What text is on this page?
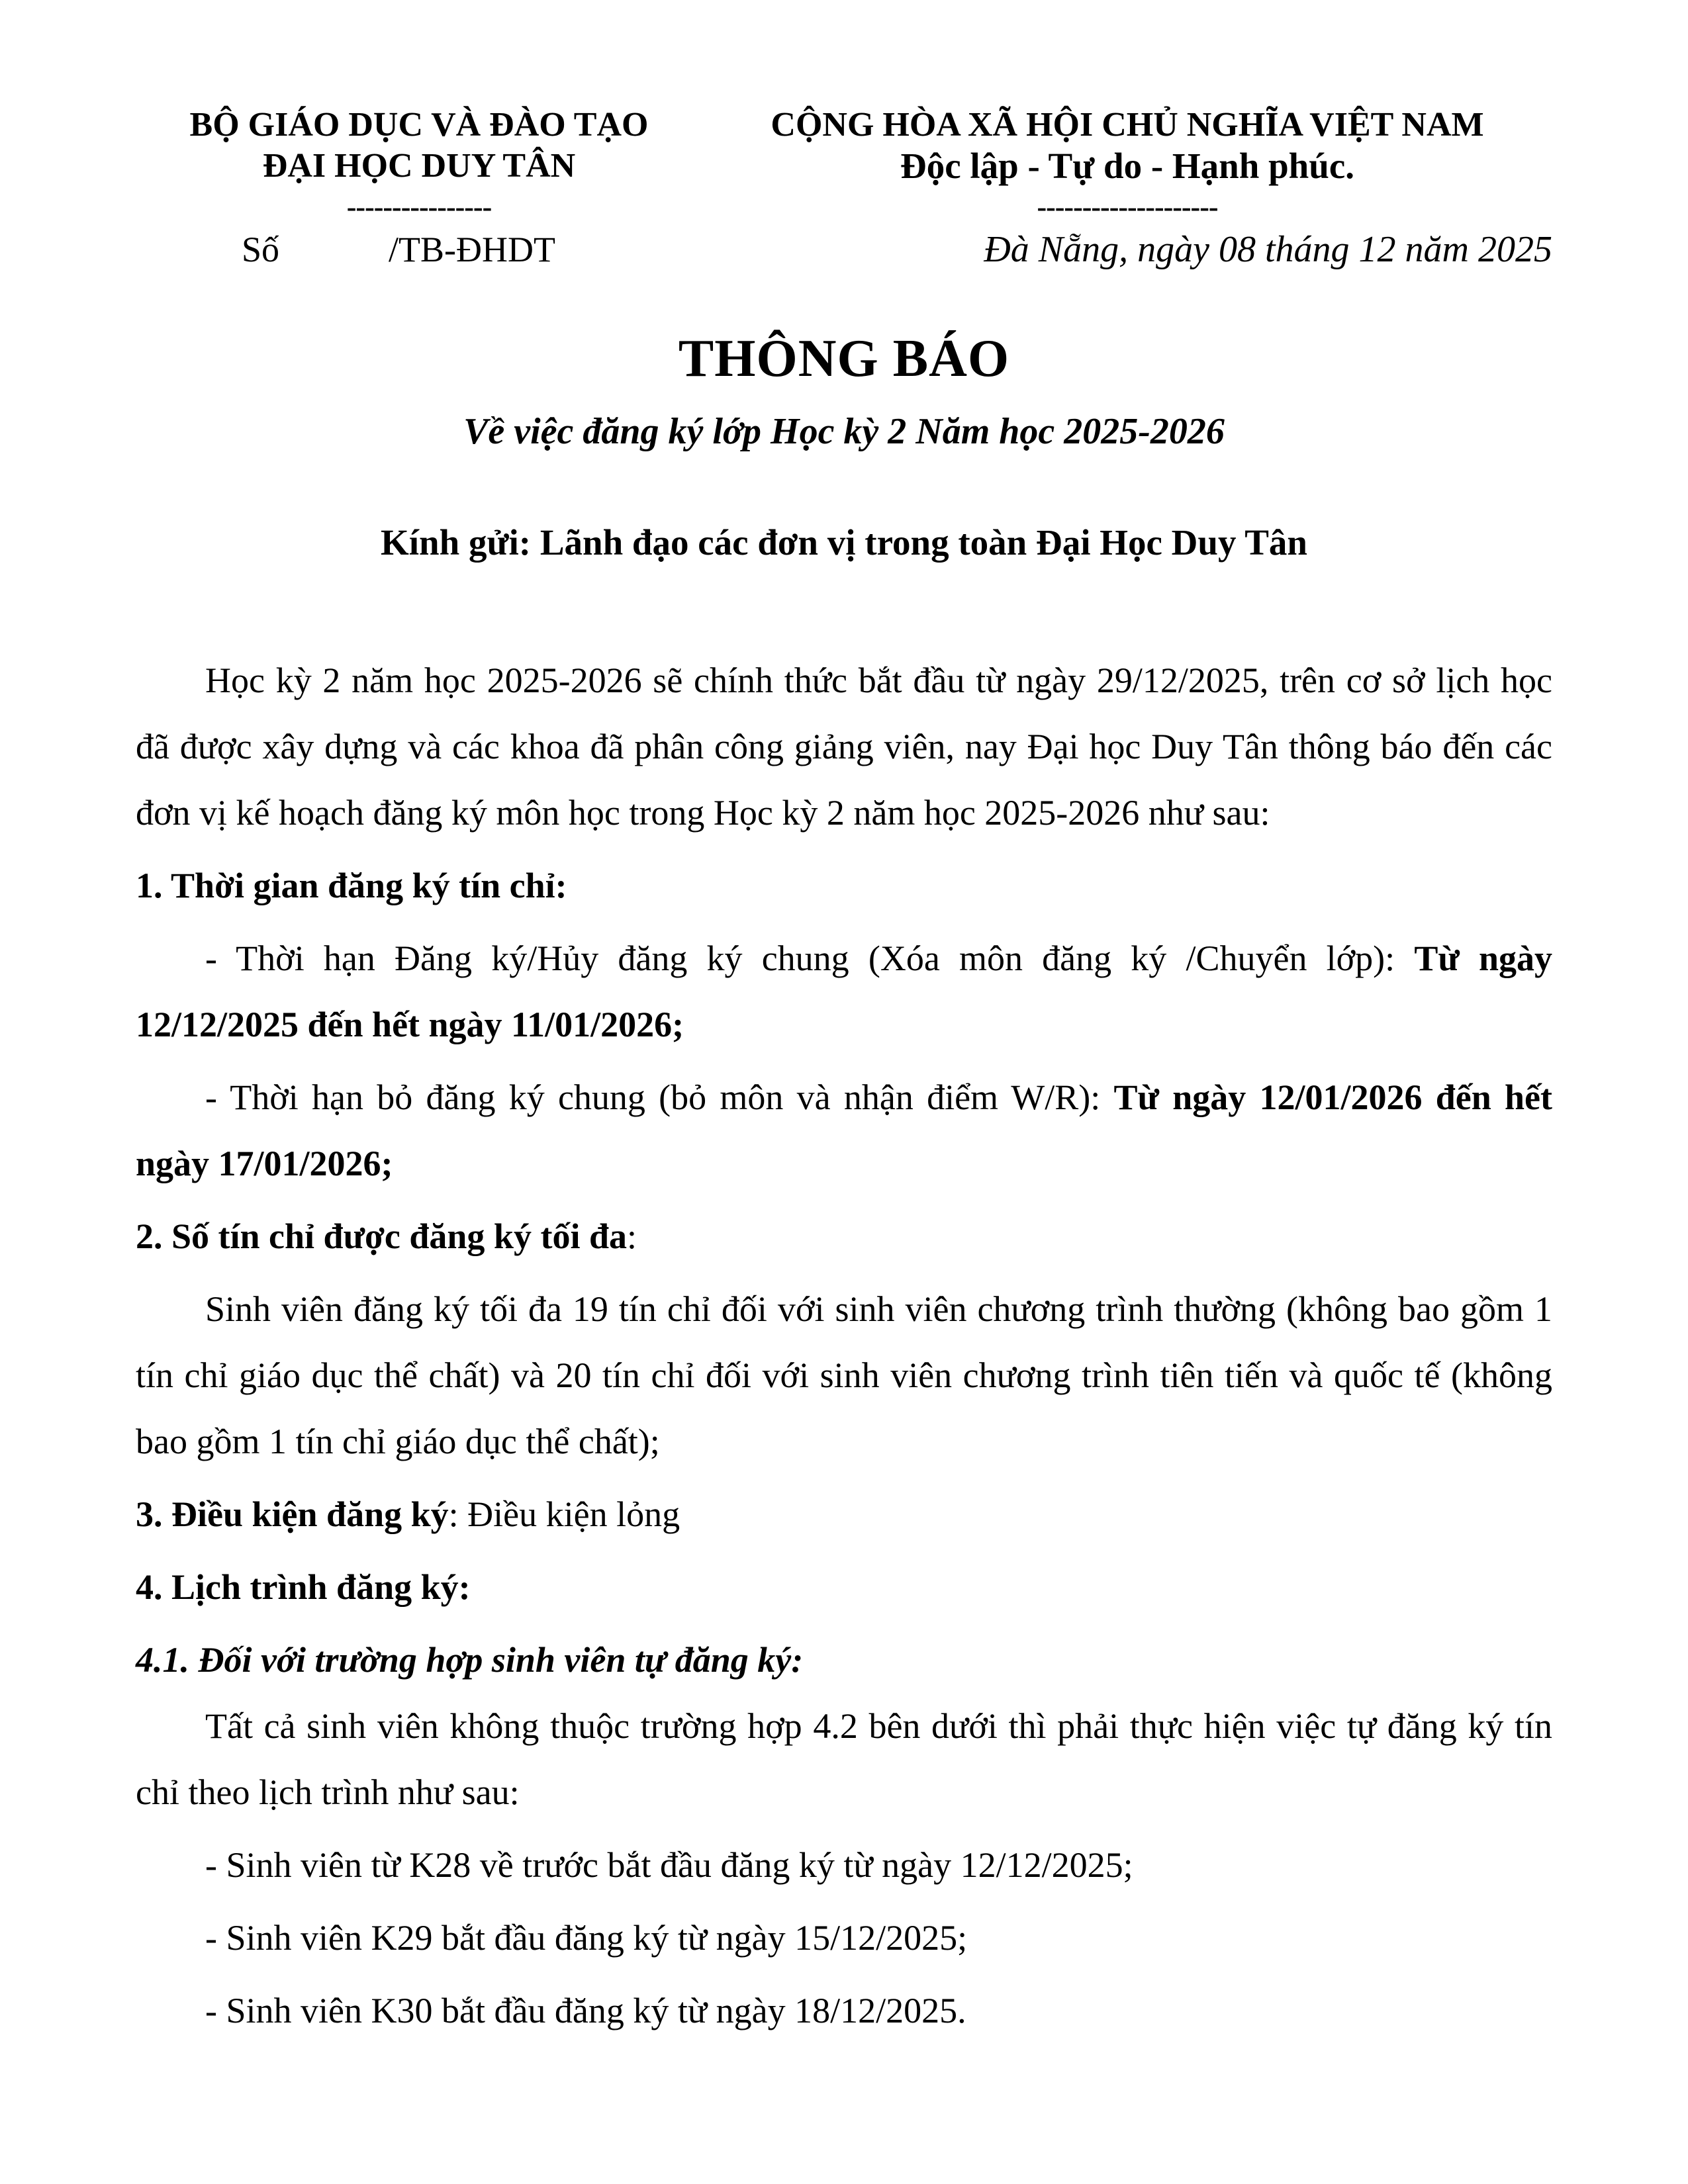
BỘ GIÁO DỤC VÀ ĐÀO TẠO
ĐẠI HỌC DUY TÂN
----------------
Số	/TB-ĐHDT
CỘNG HÒA XÃ HỘI CHỦ NGHĨA VIỆT NAM
Độc lập - Tự do - Hạnh phúc.
--------------------
Đà Nẵng, ngày 08 tháng 12 năm 2025
THÔNG BÁO
Về việc đăng ký lớp Học kỳ 2 Năm học 2025-2026
Kính gửi: Lãnh đạo các đơn vị trong toàn Đại Học Duy Tân

Học kỳ 2 năm học 2025-2026 sẽ chính thức bắt đầu từ ngày 29/12/2025, trên cơ sở lịch học đã được xây dựng và các khoa đã phân công giảng viên, nay Đại học Duy Tân thông báo đến các đơn vị kế hoạch đăng ký môn học trong Học kỳ 2 năm học 2025-2026 như sau:

1. Thời gian đăng ký tín chỉ:

- Thời hạn Đăng ký/Hủy đăng ký chung (Xóa môn đăng ký /Chuyển lớp): Từ ngày 12/12/2025 đến hết ngày 11/01/2026;

- Thời hạn bỏ đăng ký chung (bỏ môn và nhận điểm W/R): Từ ngày 12/01/2026 đến hết ngày 17/01/2026;

2. Số tín chỉ được đăng ký tối đa:

Sinh viên đăng ký tối đa 19 tín chỉ đối với sinh viên chương trình thường (không bao gồm 1 tín chỉ giáo dục thể chất) và 20 tín chỉ đối với sinh viên chương trình tiên tiến và quốc tế (không bao gồm 1 tín chỉ giáo dục thể chất);

3. Điều kiện đăng ký: Điều kiện lỏng

4. Lịch trình đăng ký:

4.1. Đối với trường hợp sinh viên tự đăng ký:

Tất cả sinh viên không thuộc trường hợp 4.2 bên dưới thì phải thực hiện việc tự đăng ký tín chỉ theo lịch trình như sau:

- Sinh viên từ K28 về trước bắt đầu đăng ký từ ngày 12/12/2025;

- Sinh viên K29 bắt đầu đăng ký từ ngày 15/12/2025;

- Sinh viên K30 bắt đầu đăng ký từ ngày 18/12/2025.
